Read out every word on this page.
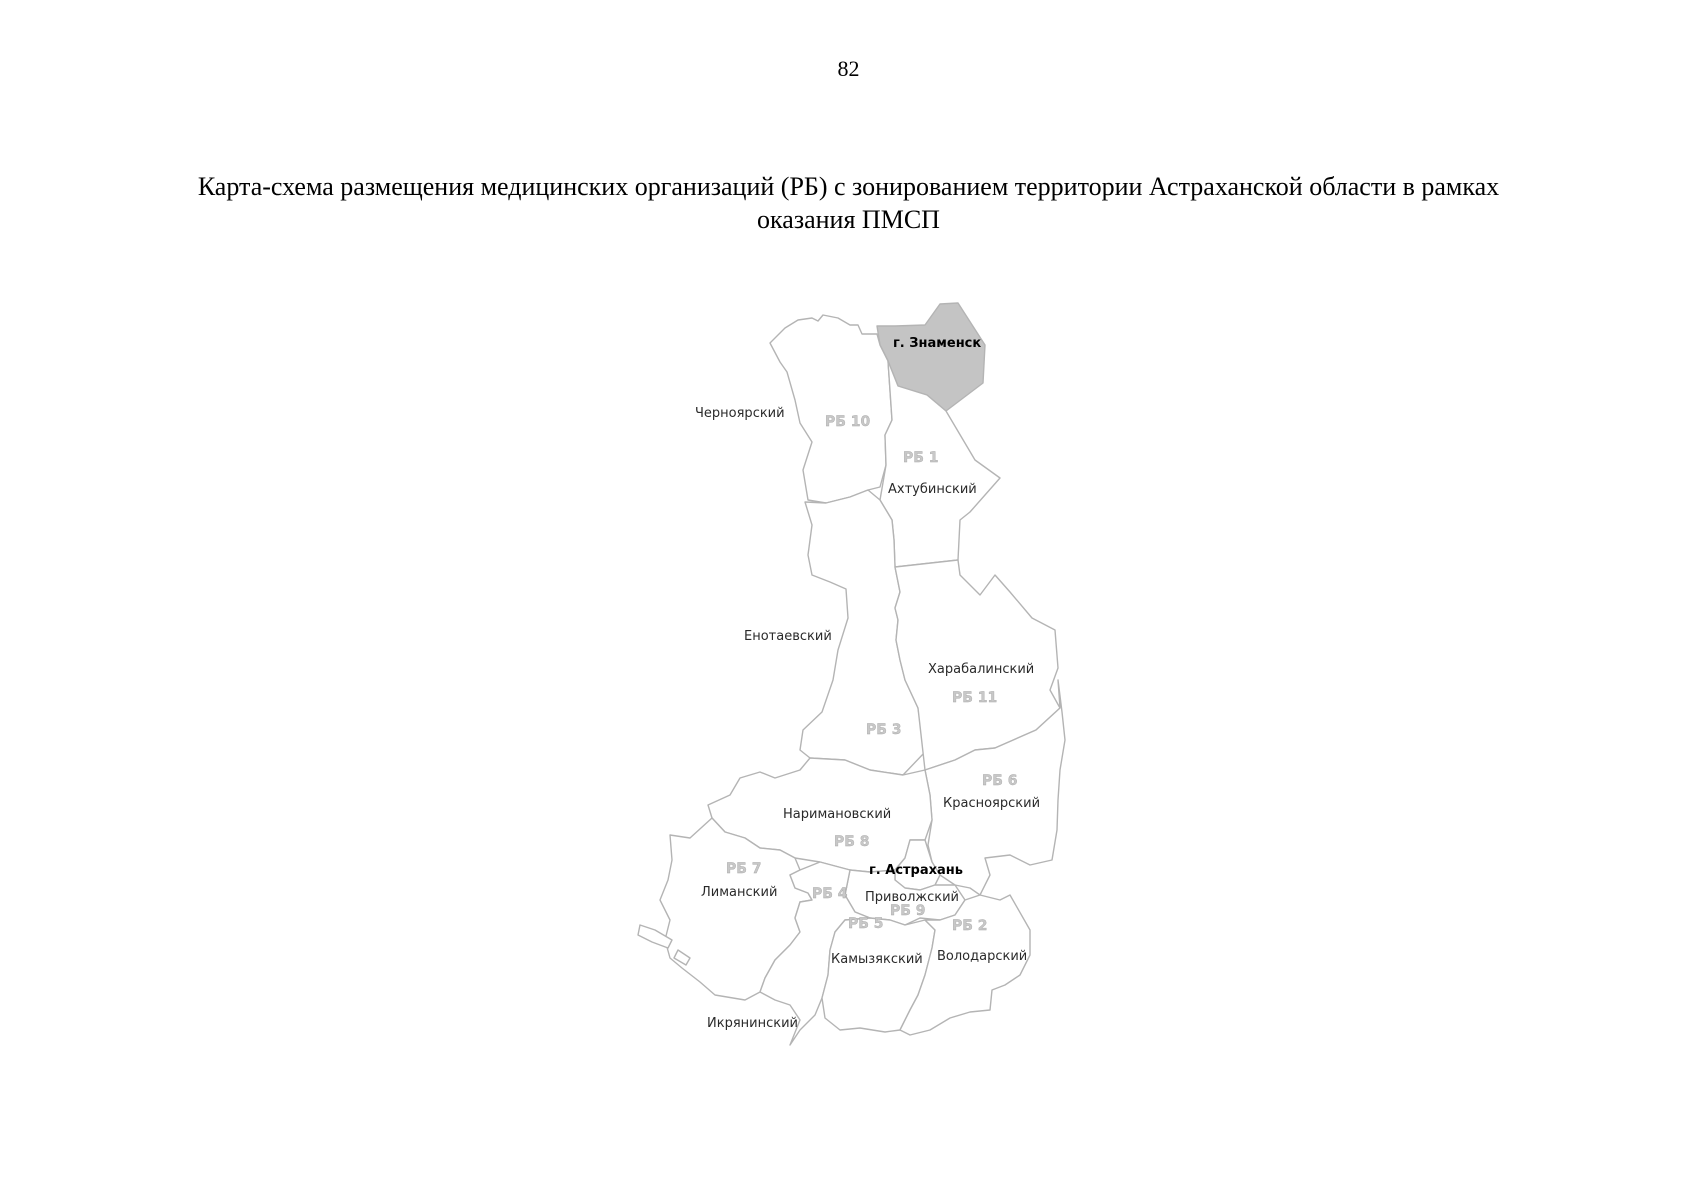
82
Карта-схема размещения медицинских организаций (РБ) с зонированием территории Астраханской области в рамках
оказания ПМСП
г. Знаменск
Черноярский
РБ 10
РБ 1
Ахтубинский
Енотаевский
Харабалинский
РБ 11
РБ 3
РБ 6
Красноярский
Наримановский
РБ 8
РБ 7	г. Астрахань
Лиманский РБ 4 Приволжский
РБ 9
РБ 5	РБ 2
Володарский
Камызякский
Икрянинский
